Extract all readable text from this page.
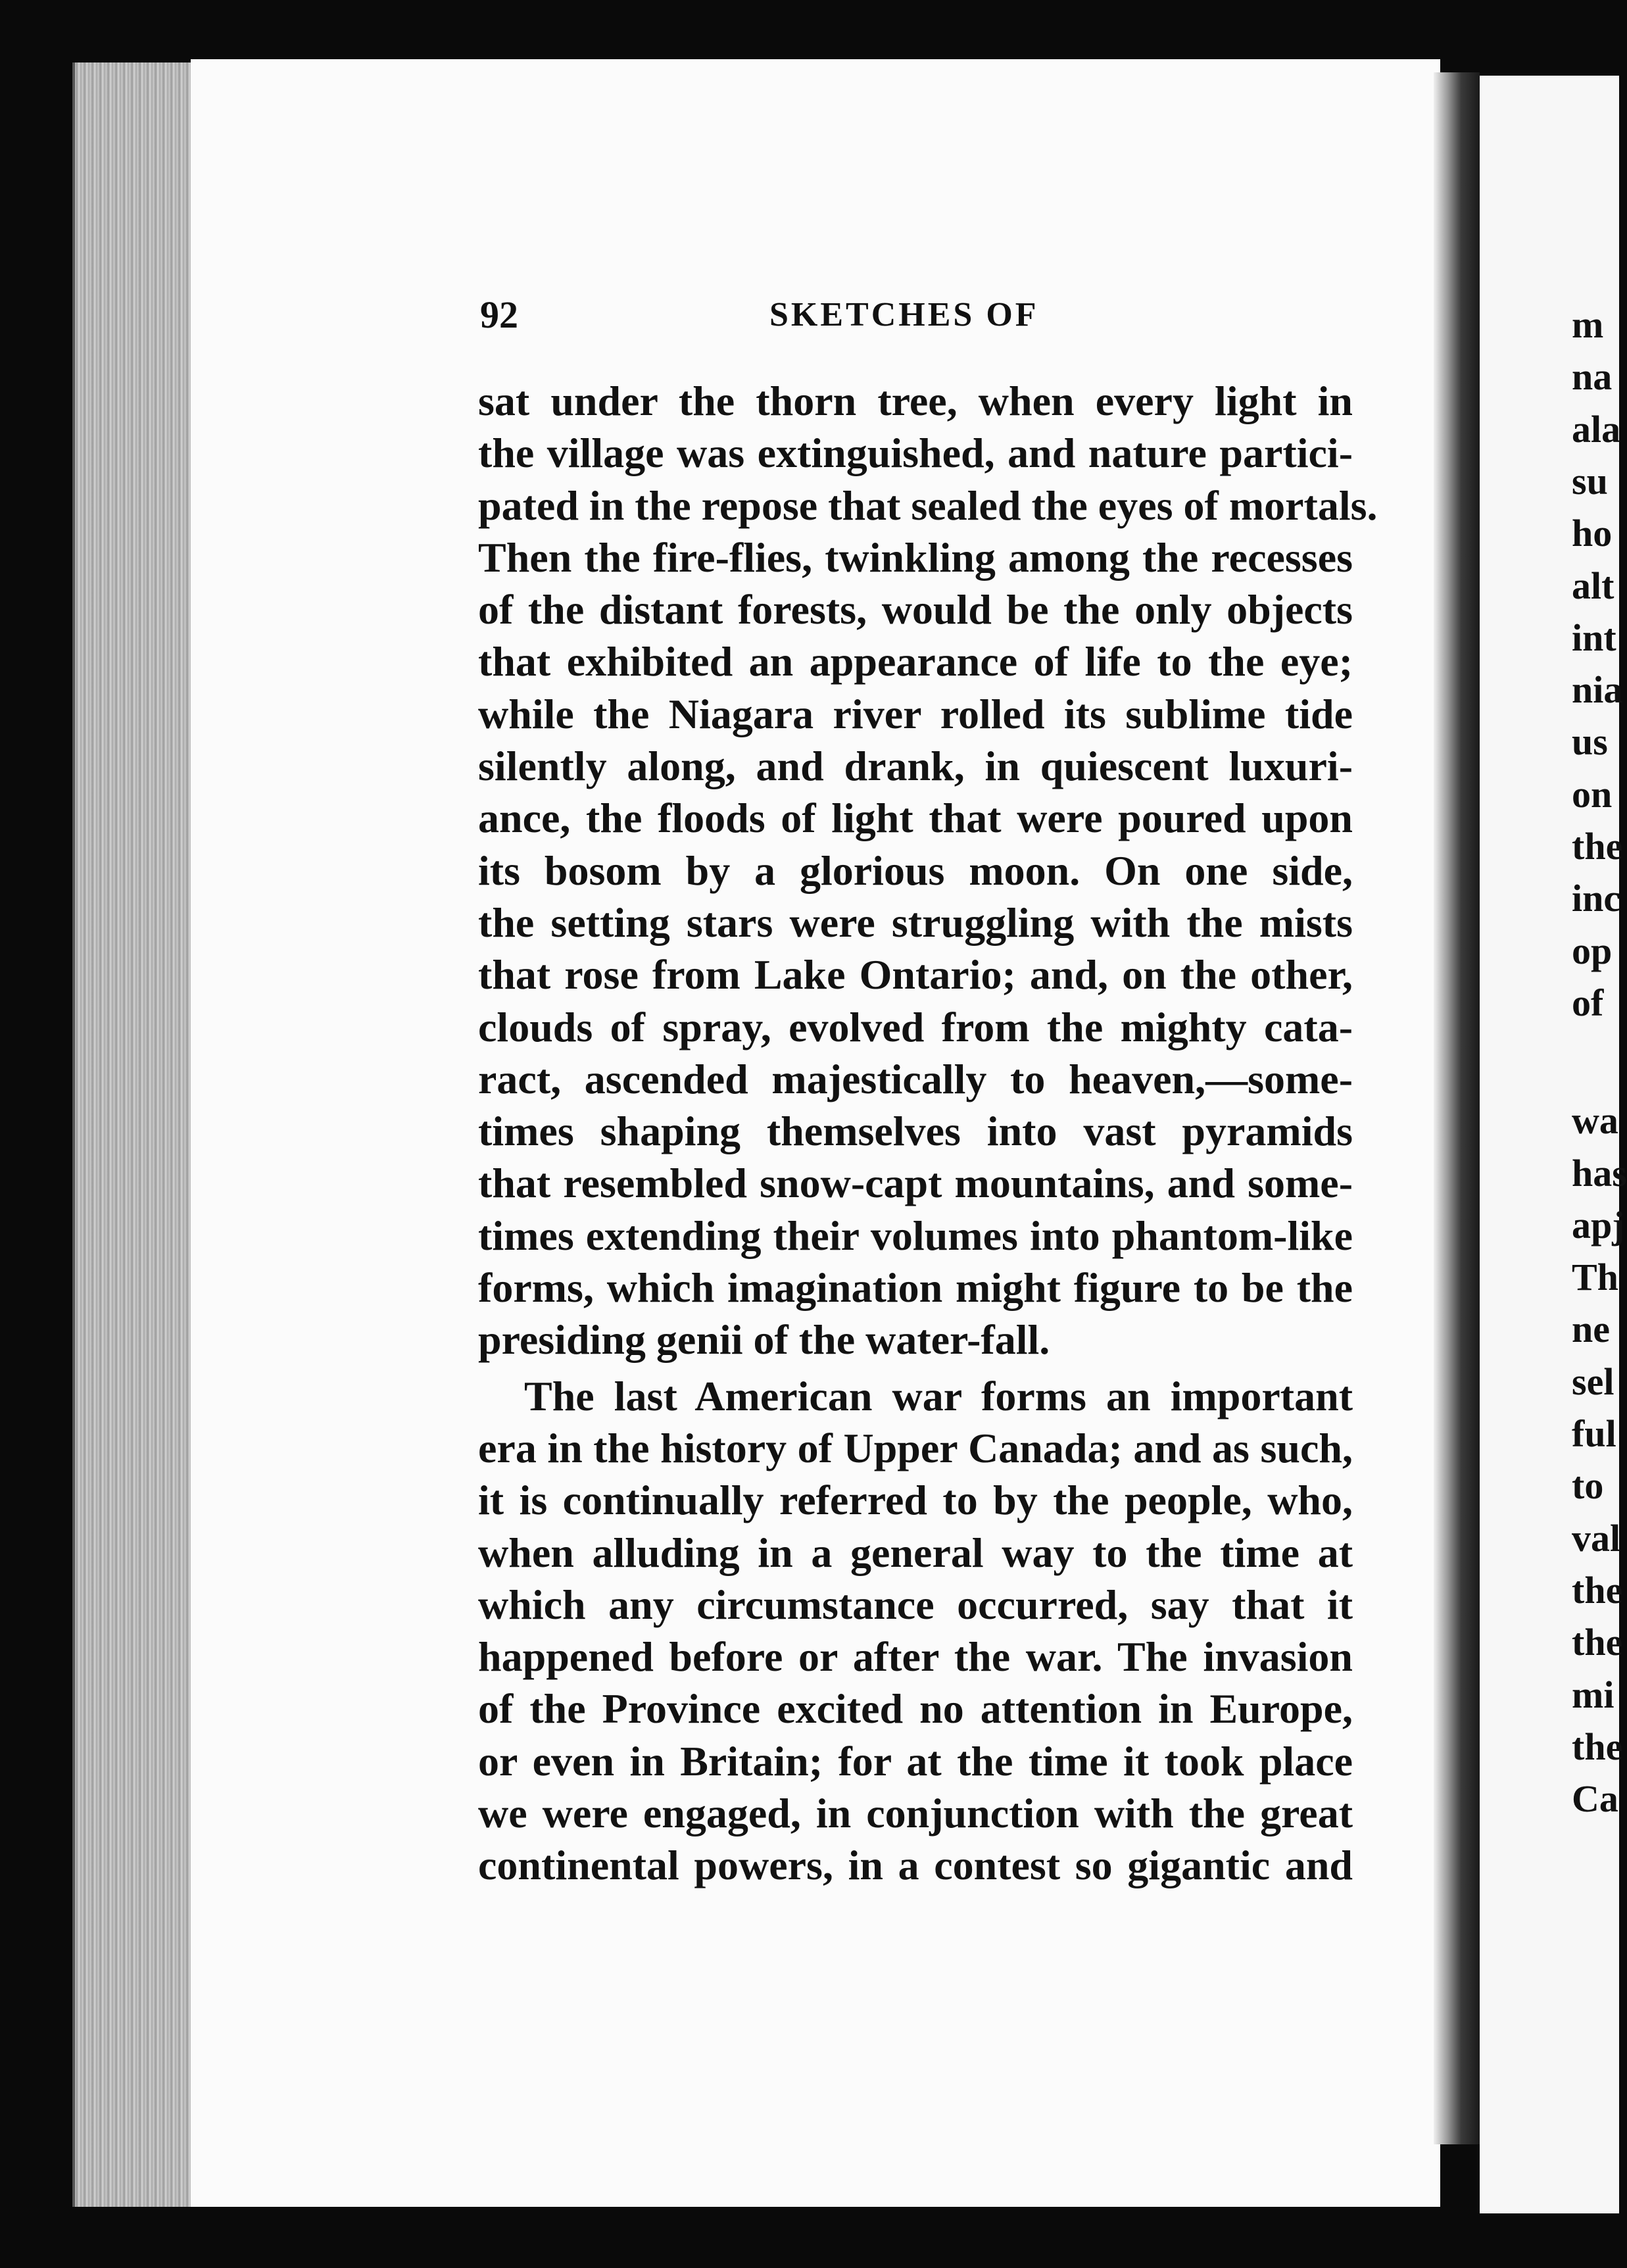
m
na
ala
su
ho
alt
int
nia
us
on
the
inc
op
of
wa
has
apj
Th
ne
sel
ful
to
val
the
the
mi
the
Ca
92	SKETCHES OF
sat under the thorn tree, when every light in
the village was extinguished, and nature partici-
pated in the repose that sealed the eyes of mortals.
Then the fire-flies, twinkling among the recesses
of the distant forests, would be the only objects
that exhibited an appearance of life to the eye;
while the Niagara river rolled its sublime tide
silently along, and drank, in quiescent luxuri-
ance, the floods of light that were poured upon
its bosom by a glorious moon. On one side,
the setting stars were struggling with the mists
that rose from Lake Ontario; and, on the other,
clouds of spray, evolved from the mighty cata-
ract, ascended majestically to heaven,—some-
times shaping themselves into vast pyramids
that resembled snow-capt mountains, and some-
times extending their volumes into phantom-like
forms, which imagination might figure to be the
presiding genii of the water-fall.
The last American war forms an important
era in the history of Upper Canada; and as such,
it is continually referred to by the people, who,
when alluding in a general way to the time at
which any circumstance occurred, say that it
happened before or after the war. The invasion
of the Province excited no attention in Europe,
or even in Britain; for at the time it took place
we were engaged, in conjunction with the great
continental powers, in a contest so gigantic and
